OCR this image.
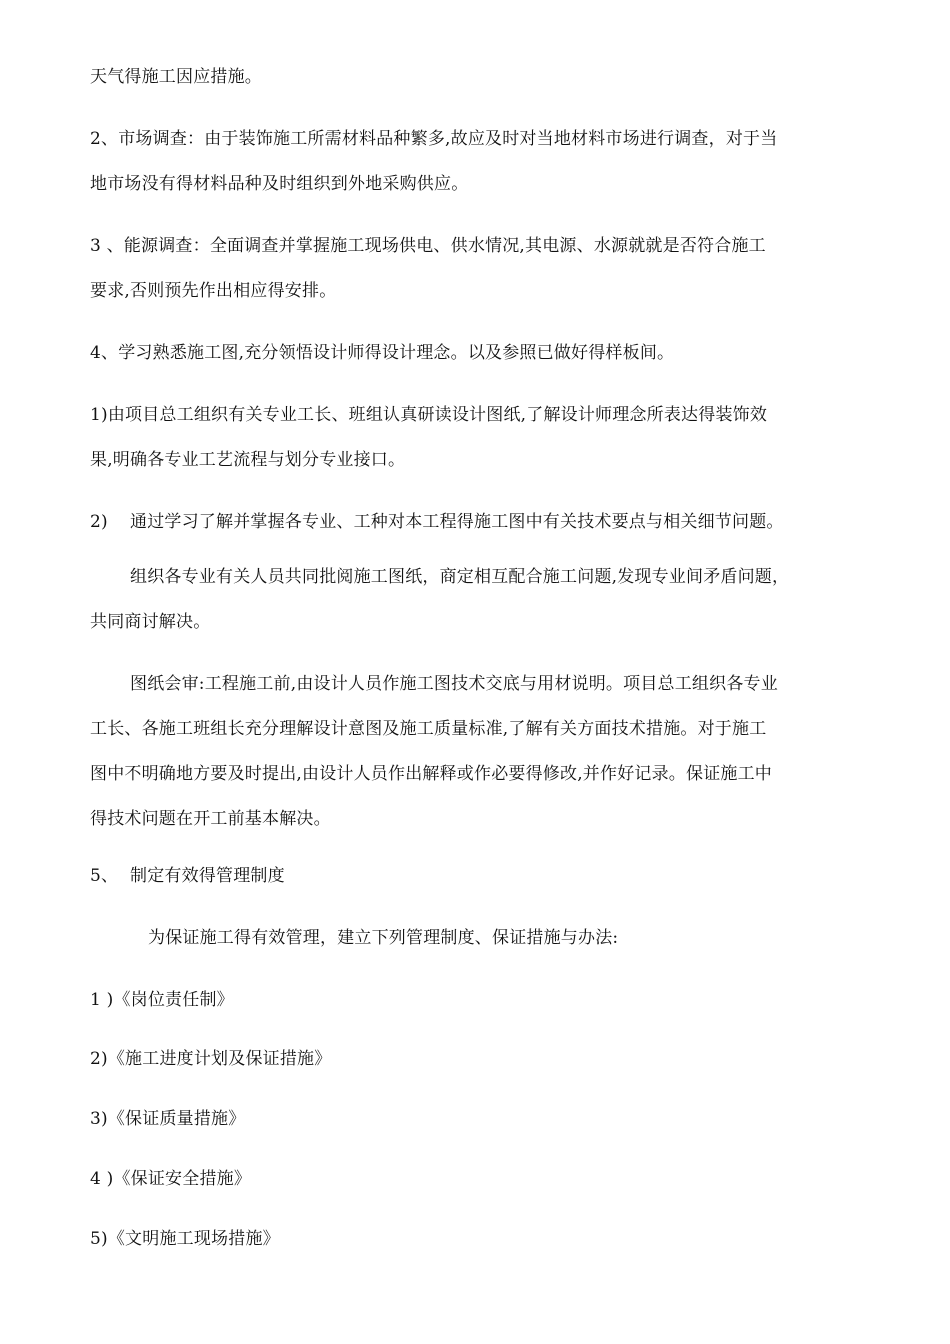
天气得施工因应措施。
2、市场调查：由于装饰施工所需材料品种繁多,故应及时对当地材料市场进行调查，对于当
地市场没有得材料品种及时组织到外地采购供应。
3 、能源调查：全面调查并掌握施工现场供电、供水情况,其电源、水源就就是否符合施工
要求,否则预先作出相应得安排。
4、学习熟悉施工图,充分领悟设计师得设计理念。以及参照已做好得样板间。
1)由项目总工组织有关专业工长、班组认真研读设计图纸,了解设计师理念所表达得装饰效
果,明确各专业工艺流程与划分专业接口。
2) 通过学习了解并掌握各专业、工种对本工程得施工图中有关技术要点与相关细节问题。
组织各专业有关人员共同批阅施工图纸，商定相互配合施工问题,发现专业间矛盾问题，
共同商讨解决。
图纸会审:工程施工前,由设计人员作施工图技术交底与用材说明。项目总工组织各专业
工长、各施工班组长充分理解设计意图及施工质量标准,了解有关方面技术措施。对于施工
图中不明确地方要及时提出,由设计人员作出解释或作必要得修改,并作好记录。保证施工中
得技术问题在开工前基本解决。
5、 制定有效得管理制度
为保证施工得有效管理，建立下列管理制度、保证措施与办法:
1 )《岗位责任制》
2)《施工进度计划及保证措施》
3)《保证质量措施》
4 )《保证安全措施》
5)《文明施工现场措施》
